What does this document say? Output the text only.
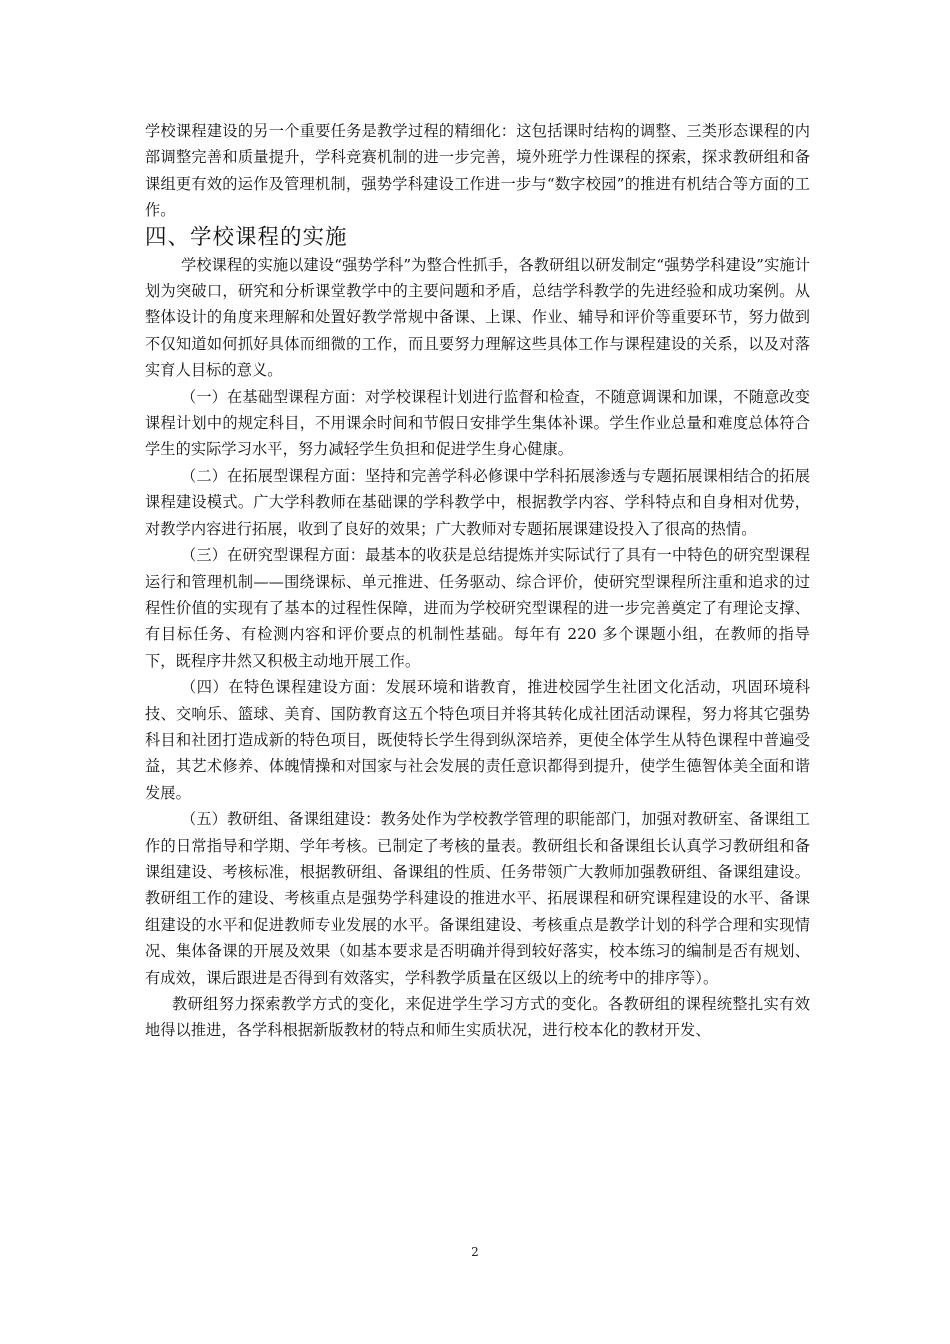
学校课程建设的另一个重要任务是教学过程的精细化：这包括课时结构的调整、三类形态课程的内部调整完善和质量提升，学科竞赛机制的进一步完善，境外班学力性课程的探索，探求教研组和备课组更有效的运作及管理机制，强势学科建设工作进一步与“数字校园”的推进有机结合等方面的工作。

四、学校课程的实施

学校课程的实施以建设“强势学科”为整合性抓手，各教研组以研发制定“强势学科建设”实施计划为突破口，研究和分析课堂教学中的主要问题和矛盾，总结学科教学的先进经验和成功案例。从整体设计的角度来理解和处置好教学常规中备课、上课、作业、辅导和评价等重要环节，努力做到不仅知道如何抓好具体而细微的工作，而且要努力理解这些具体工作与课程建设的关系，以及对落实育人目标的意义。

（一）在基础型课程方面：对学校课程计划进行监督和检查，不随意调课和加课，不随意改变课程计划中的规定科目，不用课余时间和节假日安排学生集体补课。学生作业总量和难度总体符合学生的实际学习水平，努力减轻学生负担和促进学生身心健康。

（二）在拓展型课程方面：坚持和完善学科必修课中学科拓展渗透与专题拓展课相结合的拓展课程建设模式。广大学科教师在基础课的学科教学中，根据教学内容、学科特点和自身相对优势，对教学内容进行拓展，收到了良好的效果；广大教师对专题拓展课建设投入了很高的热情。

（三）在研究型课程方面：最基本的收获是总结提炼并实际试行了具有一中特色的研究型课程运行和管理机制——围绕课标、单元推进、任务驱动、综合评价，使研究型课程所注重和追求的过程性价值的实现有了基本的过程性保障，进而为学校研究型课程的进一步完善奠定了有理论支撑、有目标任务、有检测内容和评价要点的机制性基础。每年有 220 多个课题小组，在教师的指导下，既程序井然又积极主动地开展工作。

（四）在特色课程建设方面：发展环境和谐教育，推进校园学生社团文化活动，巩固环境科技、交响乐、篮球、美育、国防教育这五个特色项目并将其转化成社团活动课程，努力将其它强势科目和社团打造成新的特色项目，既使特长学生得到纵深培养，更使全体学生从特色课程中普遍受益，其艺术修养、体魄情操和对国家与社会发展的责任意识都得到提升，使学生德智体美全面和谐发展。

（五）教研组、备课组建设：教务处作为学校教学管理的职能部门，加强对教研室、备课组工作的日常指导和学期、学年考核。已制定了考核的量表。教研组长和备课组长认真学习教研组和备课组建设、考核标准，根据教研组、备课组的性质、任务带领广大教师加强教研组、备课组建设。教研组工作的建设、考核重点是强势学科建设的推进水平、拓展课程和研究课程建设的水平、备课组建设的水平和促进教师专业发展的水平。备课组建设、考核重点是教学计划的科学合理和实现情况、集体备课的开展及效果（如基本要求是否明确并得到较好落实，校本练习的编制是否有规划、有成效，课后跟进是否得到有效落实，学科教学质量在区级以上的统考中的排序等）。

教研组努力探索教学方式的变化，来促进学生学习方式的变化。各教研组的课程统整扎实有效地得以推进，各学科根据新版教材的特点和师生实质状况，进行校本化的教材开发、

2
